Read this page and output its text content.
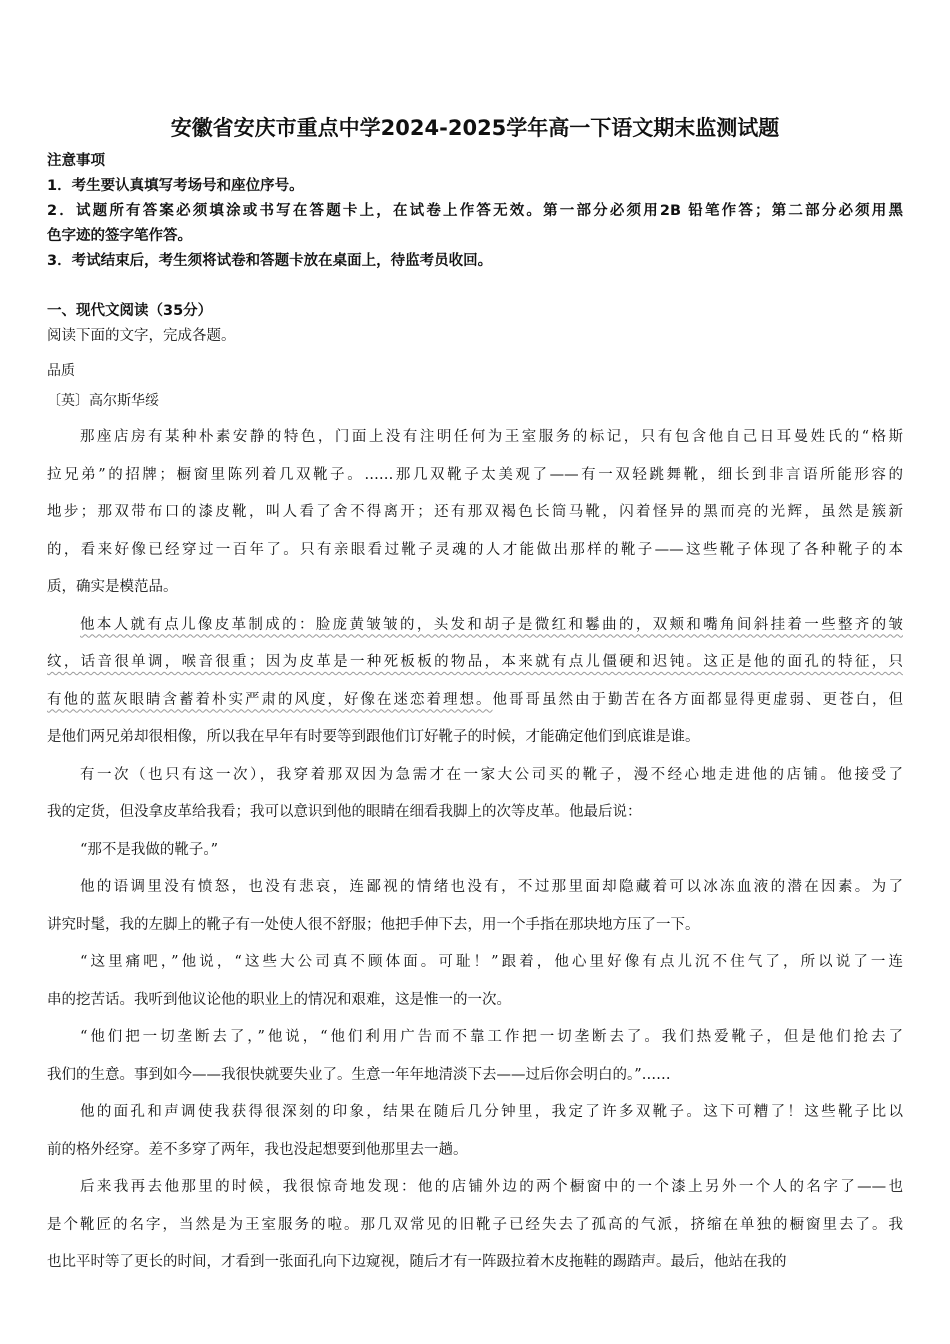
安徽省安庆市重点中学2024-2025学年高一下语文期末监测试题
注意事项
1．考生要认真填写考场号和座位序号。
2．试题所有答案必须填涂或书写在答题卡上，在试卷上作答无效。第一部分必须用2B 铅笔作答；第二部分必须用黑
色字迹的签字笔作答。
3．考试结束后，考生须将试卷和答题卡放在桌面上，待监考员收回。
一、现代文阅读（35分）
阅读下面的文字，完成各题。
品质
〔英〕高尔斯华绥
那座店房有某种朴素安静的特色，门面上没有注明任何为王室服务的标记，只有包含他自己日耳曼姓氏的“格斯
拉兄弟”的招牌；橱窗里陈列着几双靴子。……那几双靴子太美观了——有一双轻跳舞靴，细长到非言语所能形容的
地步；那双带布口的漆皮靴，叫人看了舍不得离开；还有那双褐色长筒马靴，闪着怪异的黑而亮的光辉，虽然是簇新
的，看来好像已经穿过一百年了。只有亲眼看过靴子灵魂的人才能做出那样的靴子——这些靴子体现了各种靴子的本
质，确实是模范品。
他本人就有点儿像皮革制成的：脸庞黄皱皱的，头发和胡子是微红和鬈曲的，双颊和嘴角间斜挂着一些整齐的皱
纹，话音很单调，喉音很重；因为皮革是一种死板板的物品，本来就有点儿僵硬和迟钝。这正是他的面孔的特征，只
有他的蓝灰眼睛含蓄着朴实严肃的风度，好像在迷恋着理想。他哥哥虽然由于勤苦在各方面都显得更虚弱、更苍白，但
是他们两兄弟却很相像，所以我在早年有时要等到跟他们订好靴子的时候，才能确定他们到底谁是谁。
有一次（也只有这一次），我穿着那双因为急需才在一家大公司买的靴子，漫不经心地走进他的店铺。他接受了
我的定货，但没拿皮革给我看；我可以意识到他的眼睛在细看我脚上的次等皮革。他最后说：
“那不是我做的靴子。”
他的语调里没有愤怒，也没有悲哀，连鄙视的情绪也没有，不过那里面却隐藏着可以冰冻血液的潜在因素。为了
讲究时髦，我的左脚上的靴子有一处使人很不舒服；他把手伸下去，用一个手指在那块地方压了一下。
“这里痛吧，”他说，“这些大公司真不顾体面。可耻！”跟着，他心里好像有点儿沉不住气了，所以说了一连
串的挖苦话。我听到他议论他的职业上的情况和艰难，这是惟一的一次。
“他们把一切垄断去了，”他说，“他们利用广告而不靠工作把一切垄断去了。我们热爱靴子，但是他们抢去了
我们的生意。事到如今——我很快就要失业了。生意一年年地清淡下去——过后你会明白的。”……
他的面孔和声调使我获得很深刻的印象，结果在随后几分钟里，我定了许多双靴子。这下可糟了！这些靴子比以
前的格外经穿。差不多穿了两年，我也没起想要到他那里去一趟。
后来我再去他那里的时候，我很惊奇地发现：他的店铺外边的两个橱窗中的一个漆上另外一个人的名字了——也
是个靴匠的名字，当然是为王室服务的啦。那几双常见的旧靴子已经失去了孤高的气派，挤缩在单独的橱窗里去了。我
也比平时等了更长的时间，才看到一张面孔向下边窥视，随后才有一阵趿拉着木皮拖鞋的踢踏声。最后，他站在我的
